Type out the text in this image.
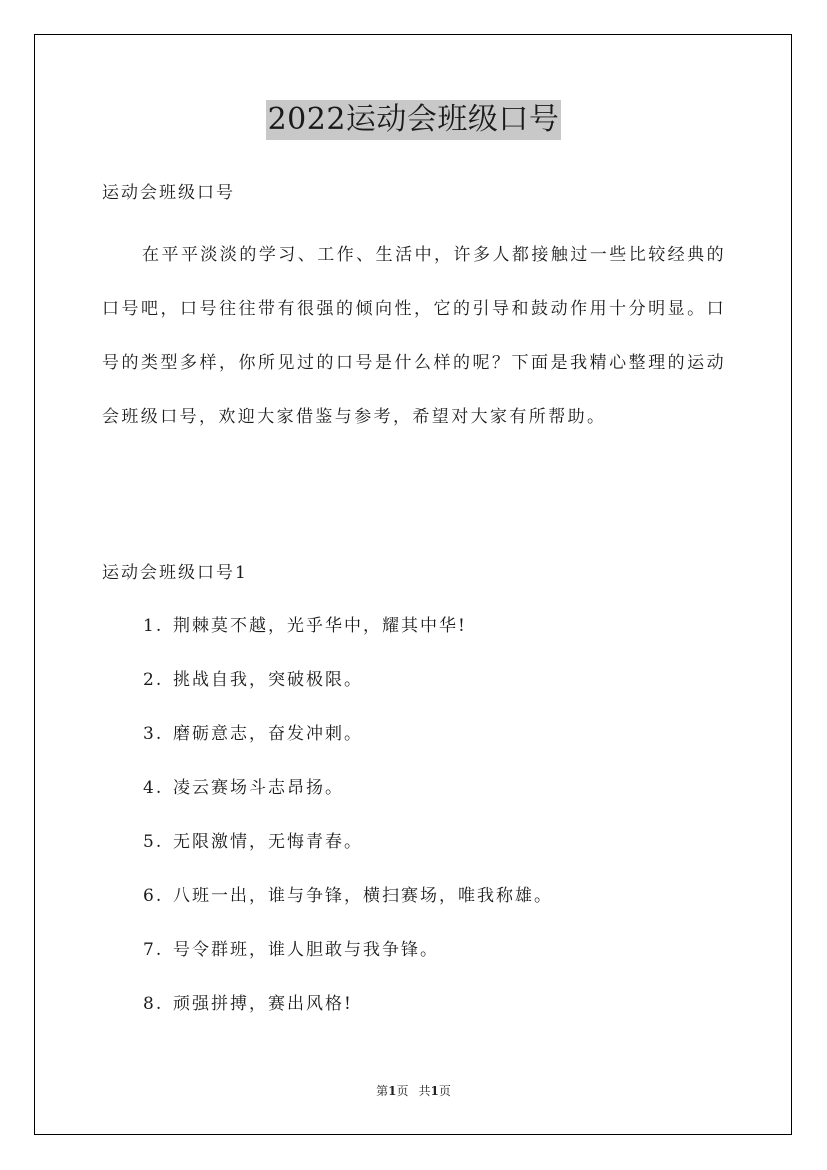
2022运动会班级口号
运动会班级口号

在平平淡淡的学习、工作、生活中，许多人都接触过一些比较经典的口号吧，口号往往带有很强的倾向性，它的引导和鼓动作用十分明显。口号的类型多样，你所见过的口号是什么样的呢？下面是我精心整理的运动会班级口号，欢迎大家借鉴与参考，希望对大家有所帮助。

运动会班级口号1
1. 荆棘莫不越，光乎华中，耀其中华!
2. 挑战自我，突破极限。
3. 磨砺意志，奋发冲刺。
4. 凌云赛场斗志昂扬。
5. 无限激情，无悔青春。
6. 八班一出，谁与争锋，横扫赛场，唯我称雄。
7. 号令群班，谁人胆敢与我争锋。
8. 顽强拼搏，赛出风格!
第1页 共1页
